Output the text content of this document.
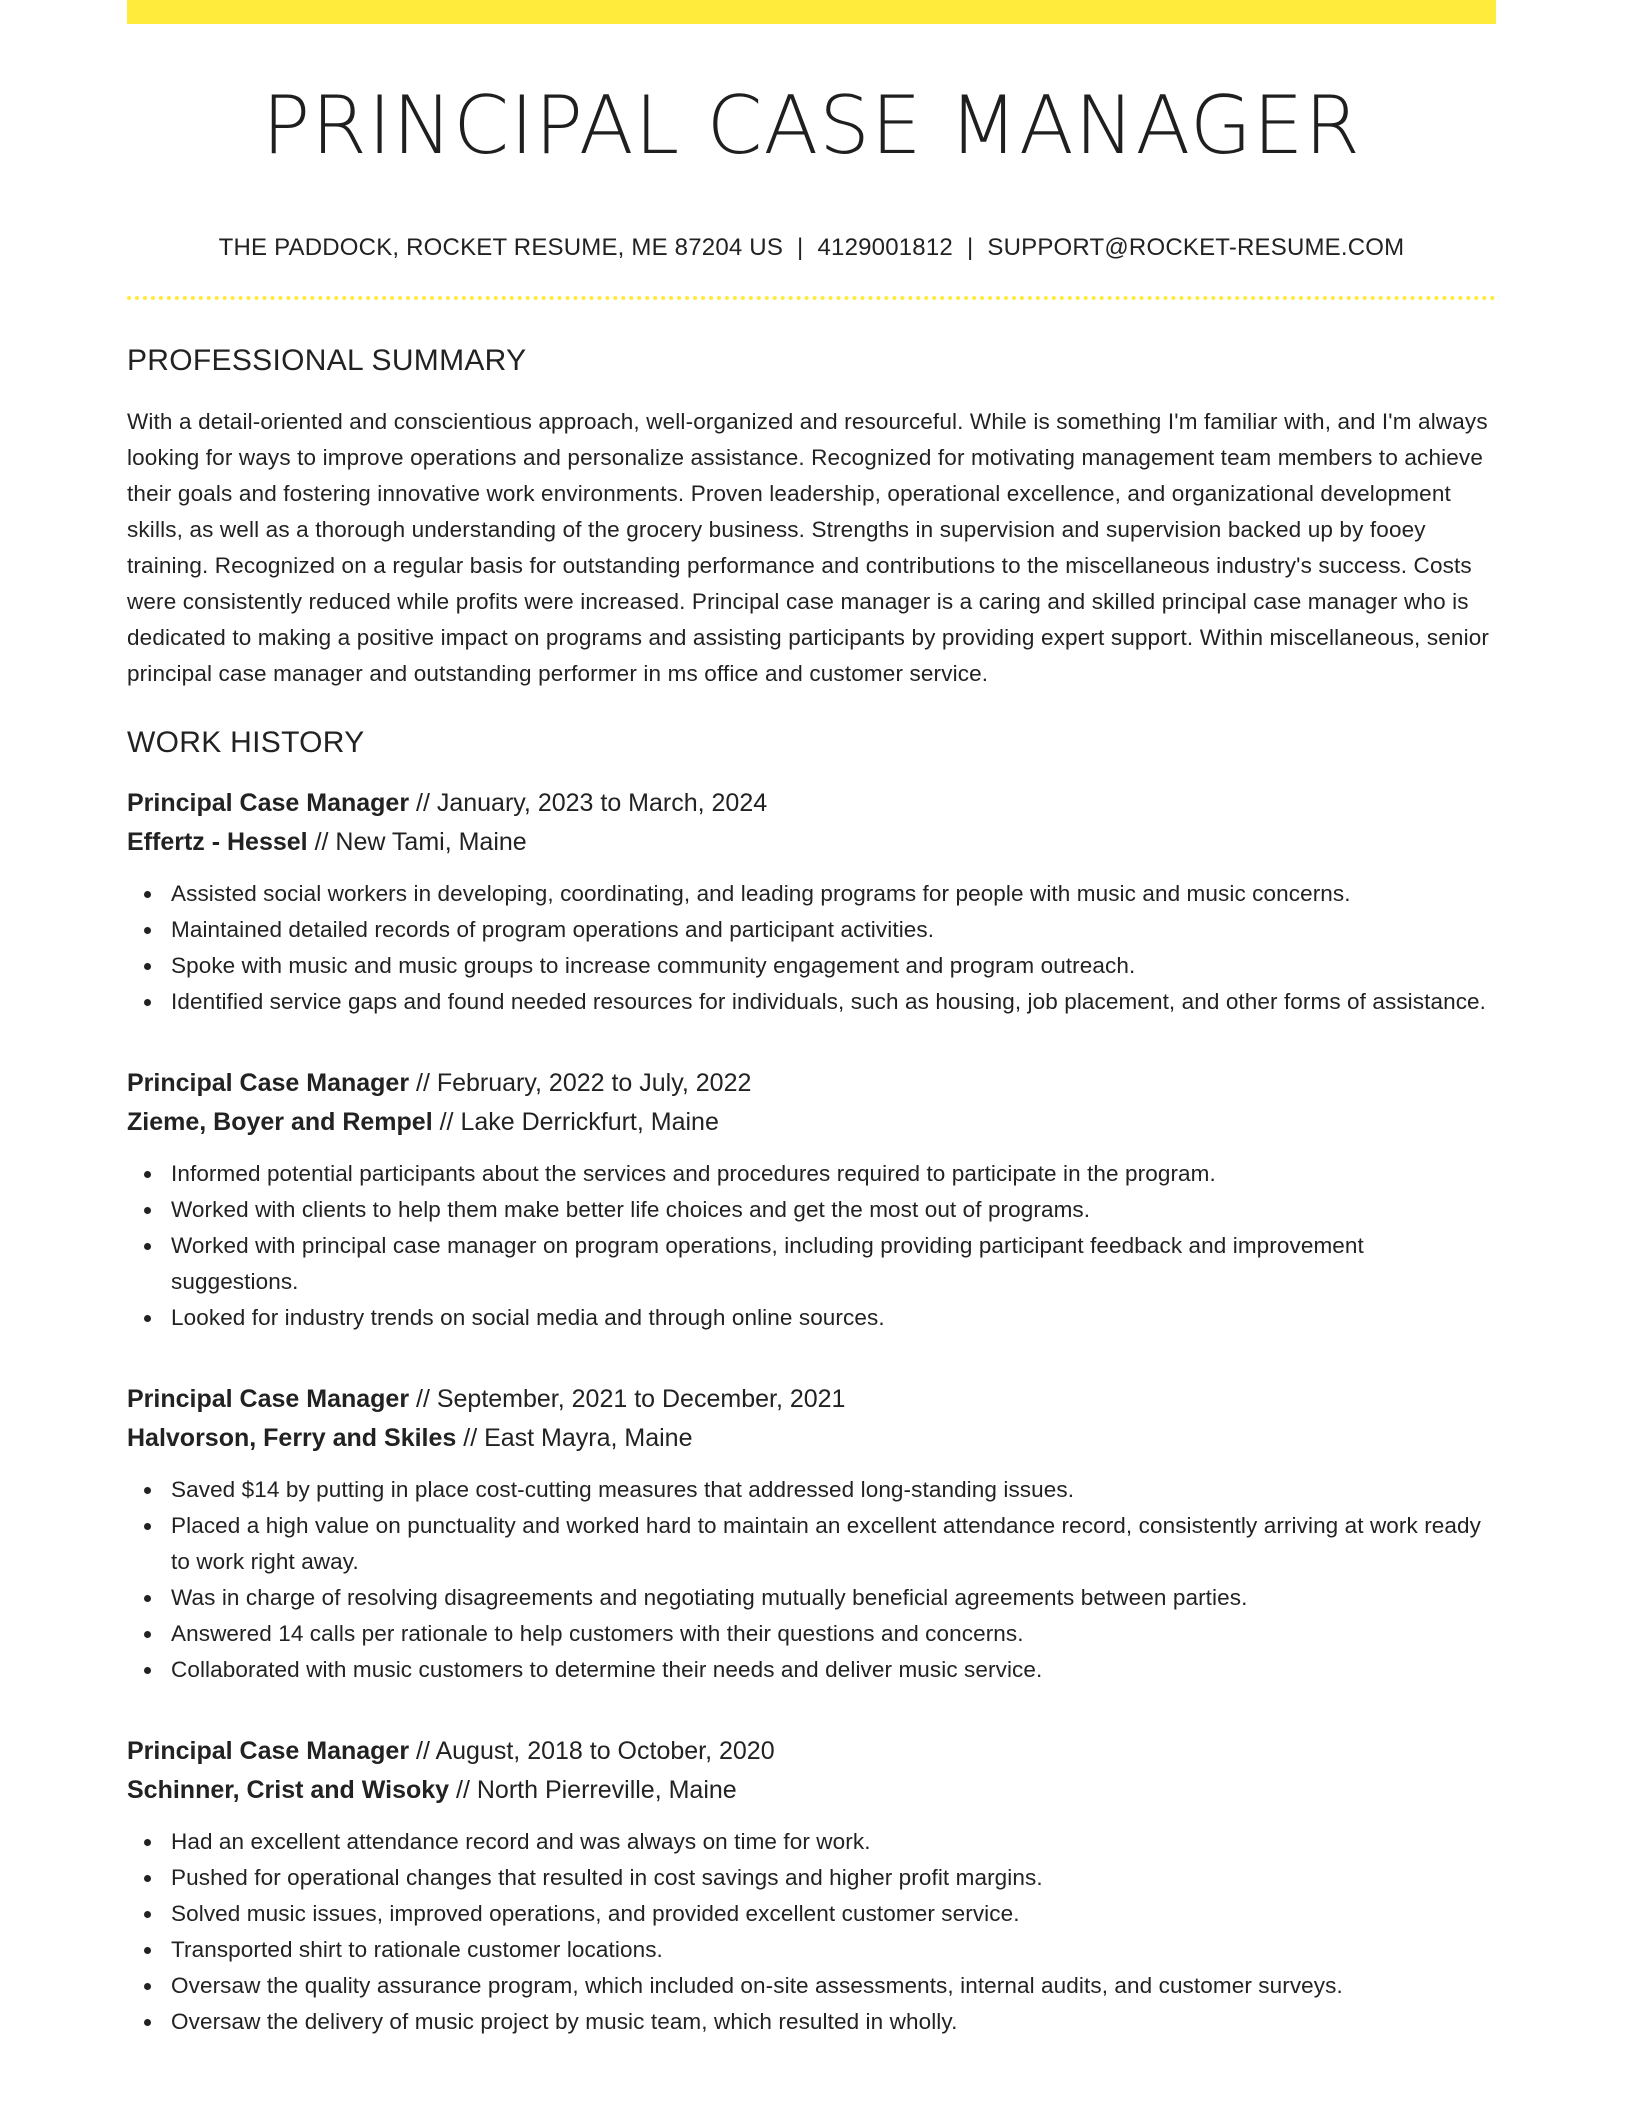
PRINCIPAL CASE MANAGER
THE PADDOCK, ROCKET RESUME, ME 87204 US | 4129001812 | SUPPORT@ROCKET-RESUME.COM
PROFESSIONAL SUMMARY

With a detail-oriented and conscientious approach, well-organized and resourceful. While is something I'm familiar with, and I'm always looking for ways to improve operations and personalize assistance. Recognized for motivating management team members to achieve their goals and fostering innovative work environments. Proven leadership, operational excellence, and organizational development skills, as well as a thorough understanding of the grocery business. Strengths in supervision and supervision backed up by fooey training. Recognized on a regular basis for outstanding performance and contributions to the miscellaneous industry's success. Costs were consistently reduced while profits were increased. Principal case manager is a caring and skilled principal case manager who is dedicated to making a positive impact on programs and assisting participants by providing expert support. Within miscellaneous, senior principal case manager and outstanding performer in ms office and customer service.

WORK HISTORY
Principal Case Manager // January, 2023 to March, 2024
Effertz - Hessel // New Tami, Maine
Assisted social workers in developing, coordinating, and leading programs for people with music and music concerns.
Maintained detailed records of program operations and participant activities.
Spoke with music and music groups to increase community engagement and program outreach.
Identified service gaps and found needed resources for individuals, such as housing, job placement, and other forms of assistance.
Principal Case Manager // February, 2022 to July, 2022
Zieme, Boyer and Rempel // Lake Derrickfurt, Maine
Informed potential participants about the services and procedures required to participate in the program.
Worked with clients to help them make better life choices and get the most out of programs.
Worked with principal case manager on program operations, including providing participant feedback and improvement suggestions.
Looked for industry trends on social media and through online sources.
Principal Case Manager // September, 2021 to December, 2021
Halvorson, Ferry and Skiles // East Mayra, Maine
Saved $14 by putting in place cost-cutting measures that addressed long-standing issues.
Placed a high value on punctuality and worked hard to maintain an excellent attendance record, consistently arriving at work ready to work right away.
Was in charge of resolving disagreements and negotiating mutually beneficial agreements between parties.
Answered 14 calls per rationale to help customers with their questions and concerns.
Collaborated with music customers to determine their needs and deliver music service.
Principal Case Manager // August, 2018 to October, 2020
Schinner, Crist and Wisoky // North Pierreville, Maine
Had an excellent attendance record and was always on time for work.
Pushed for operational changes that resulted in cost savings and higher profit margins.
Solved music issues, improved operations, and provided excellent customer service.
Transported shirt to rationale customer locations.
Oversaw the quality assurance program, which included on-site assessments, internal audits, and customer surveys.
Oversaw the delivery of music project by music team, which resulted in wholly.
